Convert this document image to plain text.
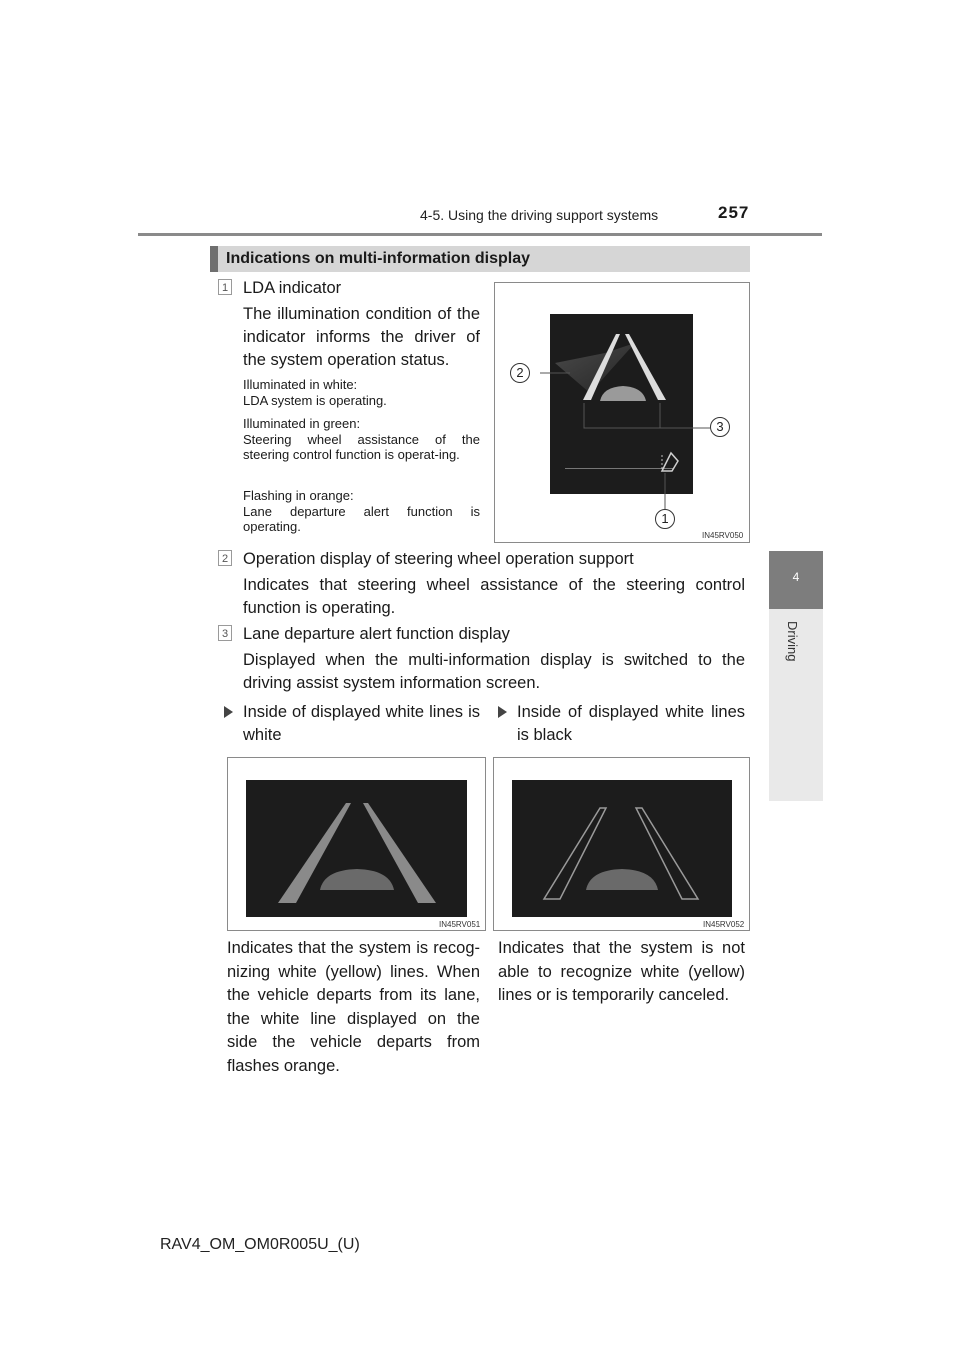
4-5. Using the driving support systems	257
4
Driving
Indications on multi-information display
1 LDA indicator
The illumination condition of the indicator informs the driver of the system operation status.
Illuminated in white:
LDA system is operating.
Illuminated in green:
Steering wheel assistance of the steering control function is operat-ing.
Flashing in orange:
Lane departure alert function is operating.
2
3
1
IN45RV050
2 Operation display of steering wheel operation support
Indicates that steering wheel assistance of the steering control function is operating.
3 Lane departure alert function display
Displayed when the multi-information display is switched to the driving assist system information screen.
Inside of displayed white lines is white
Inside of displayed white lines is black
IN45RV051	IN45RV052
Indicates that the system is recog-nizing white (yellow) lines. When the vehicle departs from its lane, the white line displayed on the side the vehicle departs from flashes orange.
Indicates that the system is not able to recognize white (yellow) lines or is temporarily canceled.
RAV4_OM_OM0R005U_(U)
